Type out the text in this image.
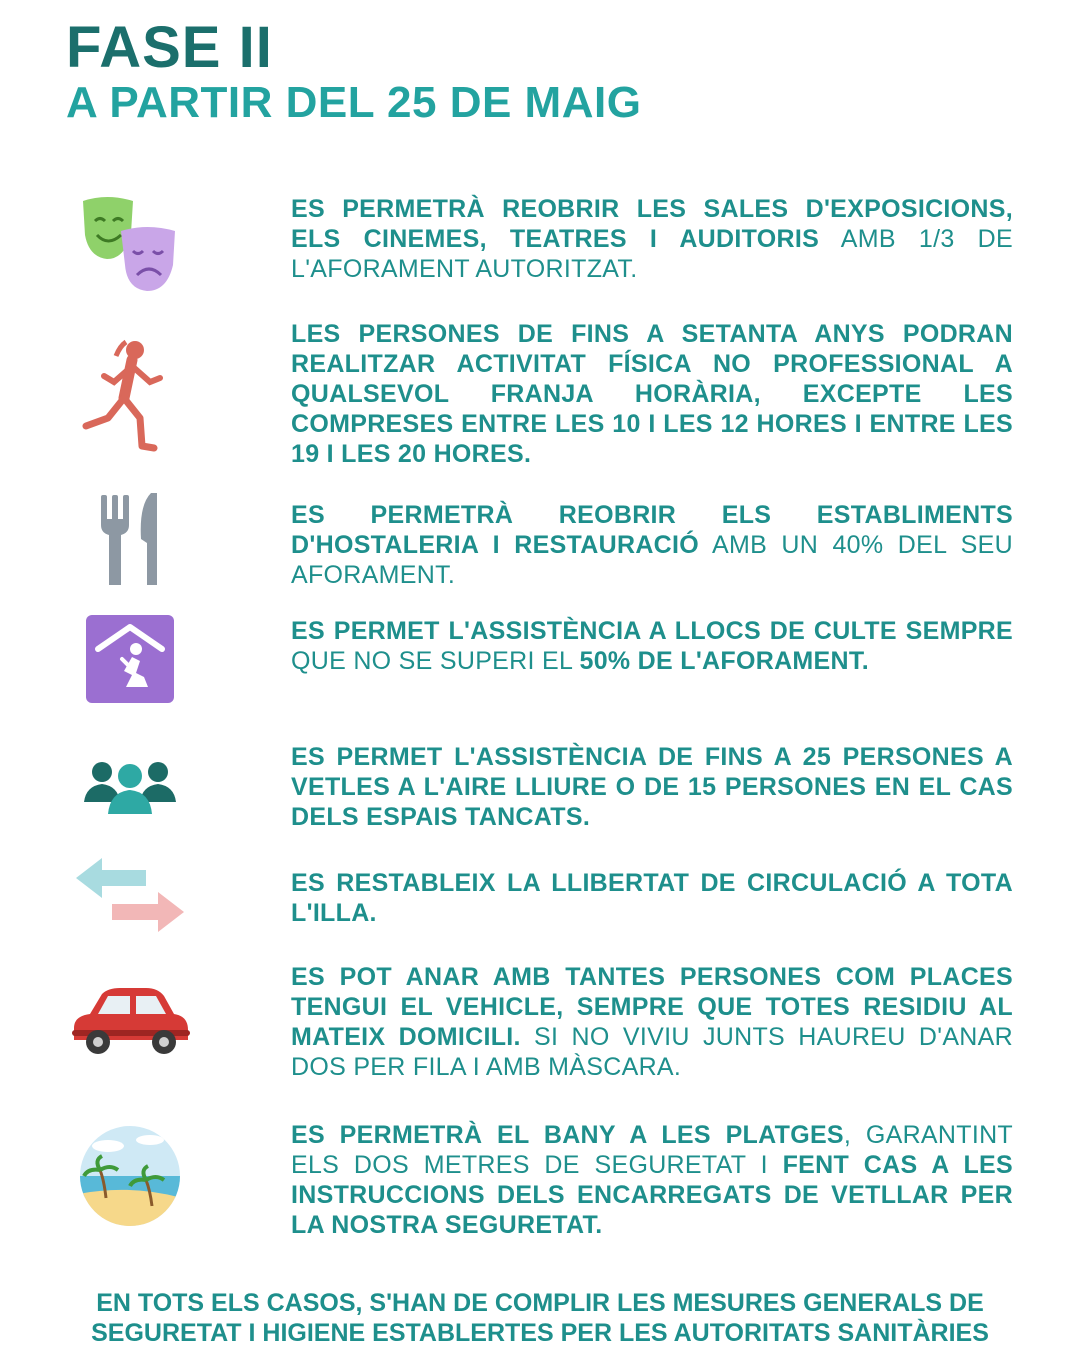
FASE II
A PARTIR DEL 25 DE MAIG
ES PERMETRÀ REOBRIR LES SALES D'EXPOSICIONS, ELS CINEMES, TEATRES I AUDITORIS AMB 1/3 DE L'AFORAMENT AUTORITZAT.
LES PERSONES DE FINS A SETANTA ANYS PODRAN REALITZAR ACTIVITAT FÍSICA NO PROFESSIONAL A QUALSEVOL FRANJA HORÀRIA, EXCEPTE LES COMPRESES ENTRE LES 10 I LES 12 HORES I ENTRE LES 19 I LES 20 HORES.
ES PERMETRÀ REOBRIR ELS ESTABLIMENTS D'HOSTALERIA I RESTAURACIÓ AMB UN 40% DEL SEU AFORAMENT.
ES PERMET L'ASSISTÈNCIA A LLOCS DE CULTE SEMPRE QUE NO SE SUPERI EL 50% DE L'AFORAMENT.
ES PERMET L'ASSISTÈNCIA DE FINS A 25 PERSONES A VETLES A L'AIRE LLIURE O DE 15 PERSONES EN EL CAS DELS ESPAIS TANCATS.
ES RESTABLEIX LA LLIBERTAT DE CIRCULACIÓ A TOTA L'ILLA.
ES POT ANAR AMB TANTES PERSONES COM PLACES TENGUI EL VEHICLE, SEMPRE QUE TOTES RESIDIU AL MATEIX DOMICILI. SI NO VIVIU JUNTS HAUREU D'ANAR DOS PER FILA I AMB MÀSCARA.
ES PERMETRÀ EL BANY A LES PLATGES, GARANTINT ELS DOS METRES DE SEGURETAT I FENT CAS A LES INSTRUCCIONS DELS ENCARREGATS DE VETLLAR PER LA NOSTRA SEGURETAT.
EN TOTS ELS CASOS, S'HAN DE COMPLIR LES MESURES GENERALS DE
SEGURETAT I HIGIENE ESTABLERTES PER LES AUTORITATS SANITÀRIES
